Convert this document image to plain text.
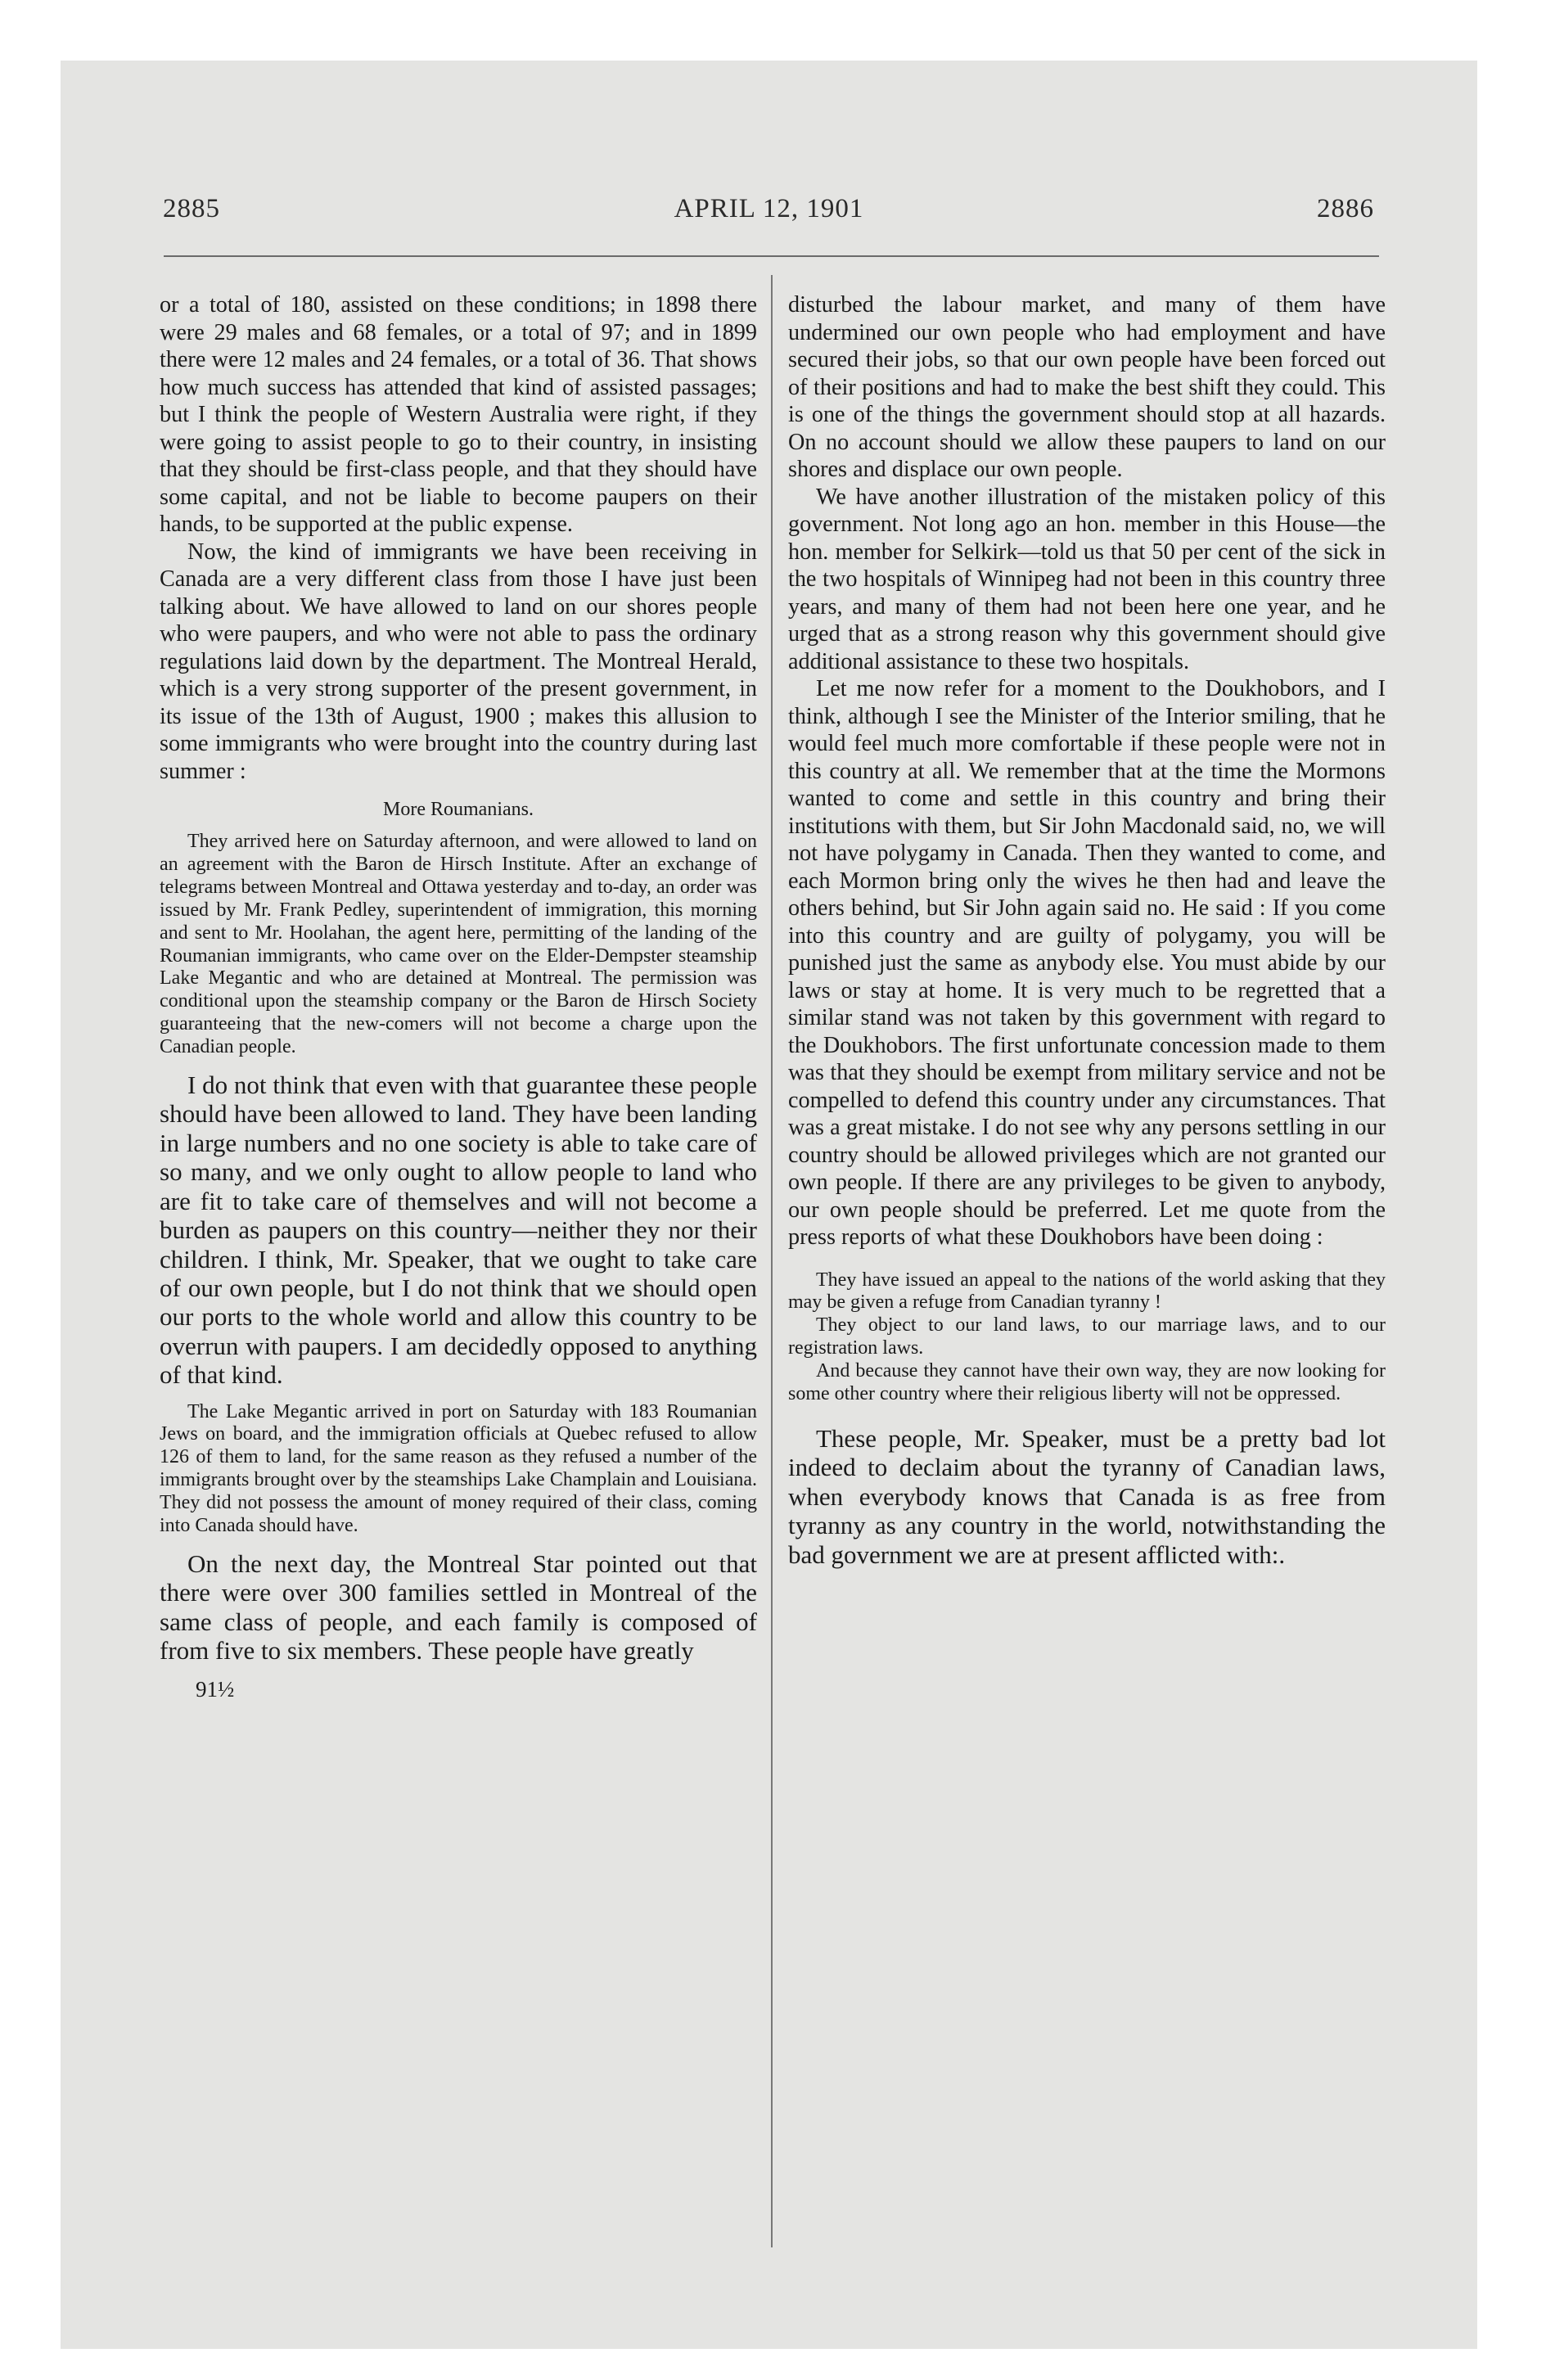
2885	APRIL 12, 1901	2886

or a total of 180, assisted on these conditions; in 1898 there were 29 males and 68 females, or a total of 97; and in 1899 there were 12 males and 24 females, or a total of 36. That shows how much success has attended that kind of assisted passages; but I think the people of Western Australia were right, if they were going to assist people to go to their country, in insisting that they should be first-class people, and that they should have some capital, and not be liable to become paupers on their hands, to be supported at the public expense.

Now, the kind of immigrants we have been receiving in Canada are a very different class from those I have just been talking about. We have allowed to land on our shores people who were paupers, and who were not able to pass the ordinary regulations laid down by the department. The Montreal Herald, which is a very strong supporter of the present government, in its issue of the 13th of August, 1900 ; makes this allusion to some immigrants who were brought into the country during last summer :

More Roumanians.

They arrived here on Saturday afternoon, and were allowed to land on an agreement with the Baron de Hirsch Institute. After an exchange of telegrams between Montreal and Ottawa yesterday and to-day, an order was issued by Mr. Frank Pedley, superintendent of immigration, this morning and sent to Mr. Hoolahan, the agent here, permitting of the landing of the Roumanian immigrants, who came over on the Elder-Dempster steamship Lake Megantic and who are detained at Montreal. The permission was conditional upon the steamship company or the Baron de Hirsch Society guaranteeing that the new-comers will not become a charge upon the Canadian people.

I do not think that even with that guarantee these people should have been allowed to land. They have been landing in large numbers and no one society is able to take care of so many, and we only ought to allow people to land who are fit to take care of themselves and will not become a burden as paupers on this country—neither they nor their children. I think, Mr. Speaker, that we ought to take care of our own people, but I do not think that we should open our ports to the whole world and allow this country to be overrun with paupers. I am decidedly opposed to anything of that kind.

The Lake Megantic arrived in port on Saturday with 183 Roumanian Jews on board, and the immigration officials at Quebec refused to allow 126 of them to land, for the same reason as they refused a number of the immigrants brought over by the steamships Lake Champlain and Louisiana. They did not possess the amount of money required of their class, coming into Canada should have.

On the next day, the Montreal Star pointed out that there were over 300 families settled in Montreal of the same class of people, and each family is composed of from five to six members. These people have greatly

91½

disturbed the labour market, and many of them have undermined our own people who had employment and have secured their jobs, so that our own people have been forced out of their positions and had to make the best shift they could. This is one of the things the government should stop at all hazards. On no account should we allow these paupers to land on our shores and displace our own people.

We have another illustration of the mistaken policy of this government. Not long ago an hon. member in this House—the hon. member for Selkirk—told us that 50 per cent of the sick in the two hospitals of Winnipeg had not been in this country three years, and many of them had not been here one year, and he urged that as a strong reason why this government should give additional assistance to these two hospitals.

Let me now refer for a moment to the Doukhobors, and I think, although I see the Minister of the Interior smiling, that he would feel much more comfortable if these people were not in this country at all. We remember that at the time the Mormons wanted to come and settle in this country and bring their institutions with them, but Sir John Macdonald said, no, we will not have polygamy in Canada. Then they wanted to come, and each Mormon bring only the wives he then had and leave the others behind, but Sir John again said no. He said : If you come into this country and are guilty of polygamy, you will be punished just the same as anybody else. You must abide by our laws or stay at home. It is very much to be regretted that a similar stand was not taken by this government with regard to the Doukhobors. The first unfortunate concession made to them was that they should be exempt from military service and not be compelled to defend this country under any circumstances. That was a great mistake. I do not see why any persons settling in our country should be allowed privileges which are not granted our own people. If there are any privileges to be given to anybody, our own people should be preferred. Let me quote from the press reports of what these Doukhobors have been doing :

They have issued an appeal to the nations of the world asking that they may be given a refuge from Canadian tyranny !

They object to our land laws, to our marriage laws, and to our registration laws.

And because they cannot have their own way, they are now looking for some other country where their religious liberty will not be oppressed.

These people, Mr. Speaker, must be a pretty bad lot indeed to declaim about the tyranny of Canadian laws, when everybody knows that Canada is as free from tyranny as any country in the world, notwithstanding the bad government we are at present afflicted with:.
